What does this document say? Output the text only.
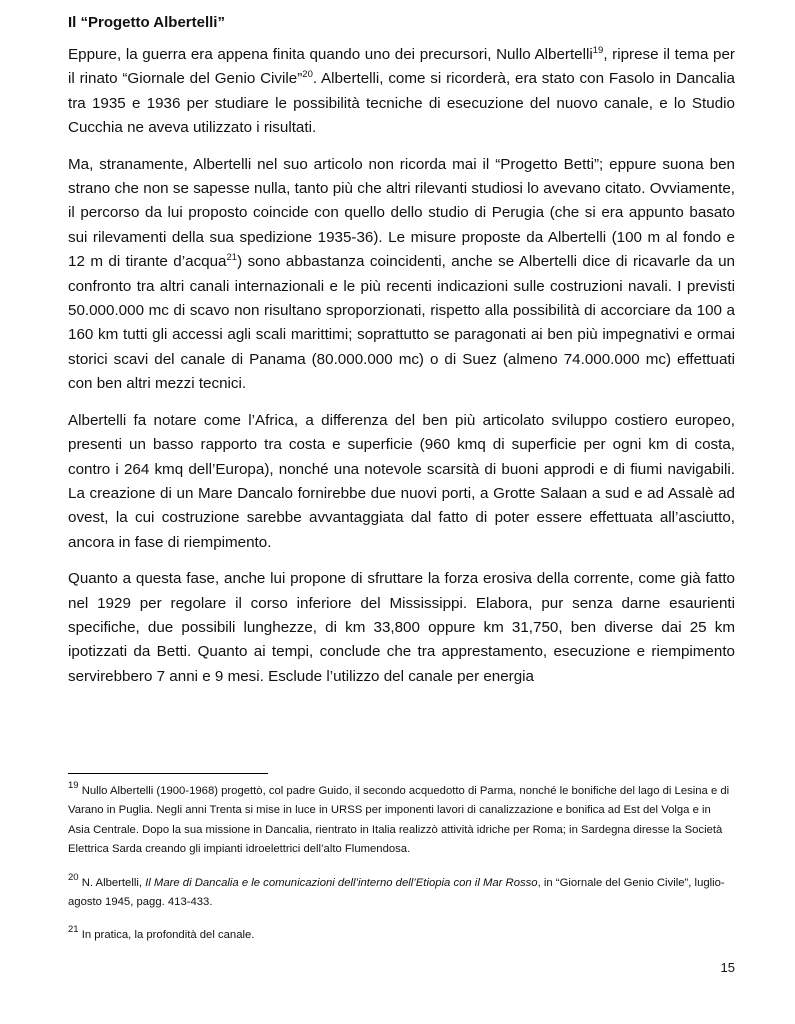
Il “Progetto Albertelli”

Eppure, la guerra era appena finita quando uno dei precursori, Nullo Albertelli$^{19}$, riprese il tema per il rinato “Giornale del Genio Civile”$^{20}$. Albertelli, come si ricorderà, era stato con Fasolo in Dancalia tra 1935 e 1936 per studiare le possibilità tecniche di esecuzione del nuovo canale, e lo Studio Cucchia ne aveva utilizzato i risultati.

Ma, stranamente, Albertelli nel suo articolo non ricorda mai il “Progetto Betti”; eppure suona ben strano che non se sapesse nulla, tanto più che altri rilevanti studiosi lo avevano citato. Ovviamente, il percorso da lui proposto coincide con quello dello studio di Perugia (che si era appunto basato sui rilevamenti della sua spedizione 1935-36). Le misure proposte da Albertelli (100 m al fondo e 12 m di tirante d’acqua$^{21}$) sono abbastanza coincidenti, anche se Albertelli dice di ricavarle da un confronto tra altri canali internazionali e le più recenti indicazioni sulle costruzioni navali. I previsti 50.000.000 mc di scavo non risultano sproporzionati, rispetto alla possibilità di accorciare da 100 a 160 km tutti gli accessi agli scali marittimi; soprattutto se paragonati ai ben più impegnativi e ormai storici scavi del canale di Panama (80.000.000 mc) o di Suez (almeno 74.000.000 mc) effettuati con ben altri mezzi tecnici.

Albertelli fa notare come l’Africa, a differenza del ben più articolato sviluppo costiero europeo, presenti un basso rapporto tra costa e superficie (960 kmq di superficie per ogni km di costa, contro i 264 kmq dell’Europa), nonché una notevole scarsità di buoni approdi e di fiumi navigabili. La creazione di un Mare Dancalo fornirebbe due nuovi porti, a Grotte Salaan a sud e ad Assalè ad ovest, la cui costruzione sarebbe avvantaggiata dal fatto di poter essere effettuata all’asciutto, ancora in fase di riempimento.

Quanto a questa fase, anche lui propone di sfruttare la forza erosiva della corrente, come già fatto nel 1929 per regolare il corso inferiore del Mississippi. Elabora, pur senza darne esaurienti specifiche, due possibili lunghezze, di km 33,800 oppure km 31,750, ben diverse dai 25 km ipotizzati da Betti. Quanto ai tempi, conclude che tra apprestamento, esecuzione e riempimento servirebbero 7 anni e 9 mesi. Esclude l’utilizzo del canale per energia

$^{19}$ Nullo Albertelli (1900-1968) progettò, col padre Guido, il secondo acquedotto di Parma, nonché le bonifiche del lago di Lesina e di Varano in Puglia. Negli anni Trenta si mise in luce in URSS per imponenti lavori di canalizzazione e bonifica ad Est del Volga e in Asia Centrale. Dopo la sua missione in Dancalia, rientrato in Italia realizzò attività idriche per Roma; in Sardegna diresse la Società Elettrica Sarda creando gli impianti idroelettrici dell’alto Flumendosa.

$^{20}$ N. Albertelli, Il Mare di Dancalia e le comunicazioni dell’interno dell’Etiopia con il Mar Rosso, in “Giornale del Genio Civile”, luglio-agosto 1945, pagg. 413-433.

$^{21}$ In pratica, la profondità del canale.

15
